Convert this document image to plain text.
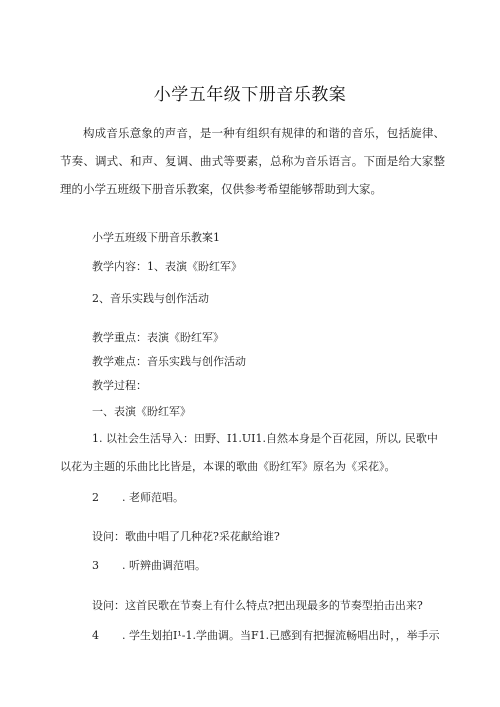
小学五年级下册音乐教案
构成音乐意象的声音，是一种有组织有规律的和谐的音乐，包括旋律、节奏、调式、和声、复调、曲式等要素，总称为音乐语言。下面是给大家整理的小学五班级下册音乐教案，仅供参考希望能够帮助到大家。
小学五班级下册音乐教案1
教学内容：1、表演《盼红军》
2、音乐实践与创作活动
教学重点：表演《盼红军》
教学难点：音乐实践与创作活动
教学过程：
一、表演《盼红军》
1. 以社会生活导入：田野、I1.UI1.自然本身是个百花园，所以, 民歌中以花为主题的乐曲比比皆是，本课的歌曲《盼红军》原名为《采花》。
2 . 老师范唱。
设问：歌曲中唱了几种花?采花献给谁?
3 . 听辨曲调范唱。
设问：这首民歌在节奏上有什么特点?把出现最多的节奏型拍击出来?
4 . 学生划拍I¹-1.学曲调。当F1.已感到有把握流畅唱出时，，举手示
